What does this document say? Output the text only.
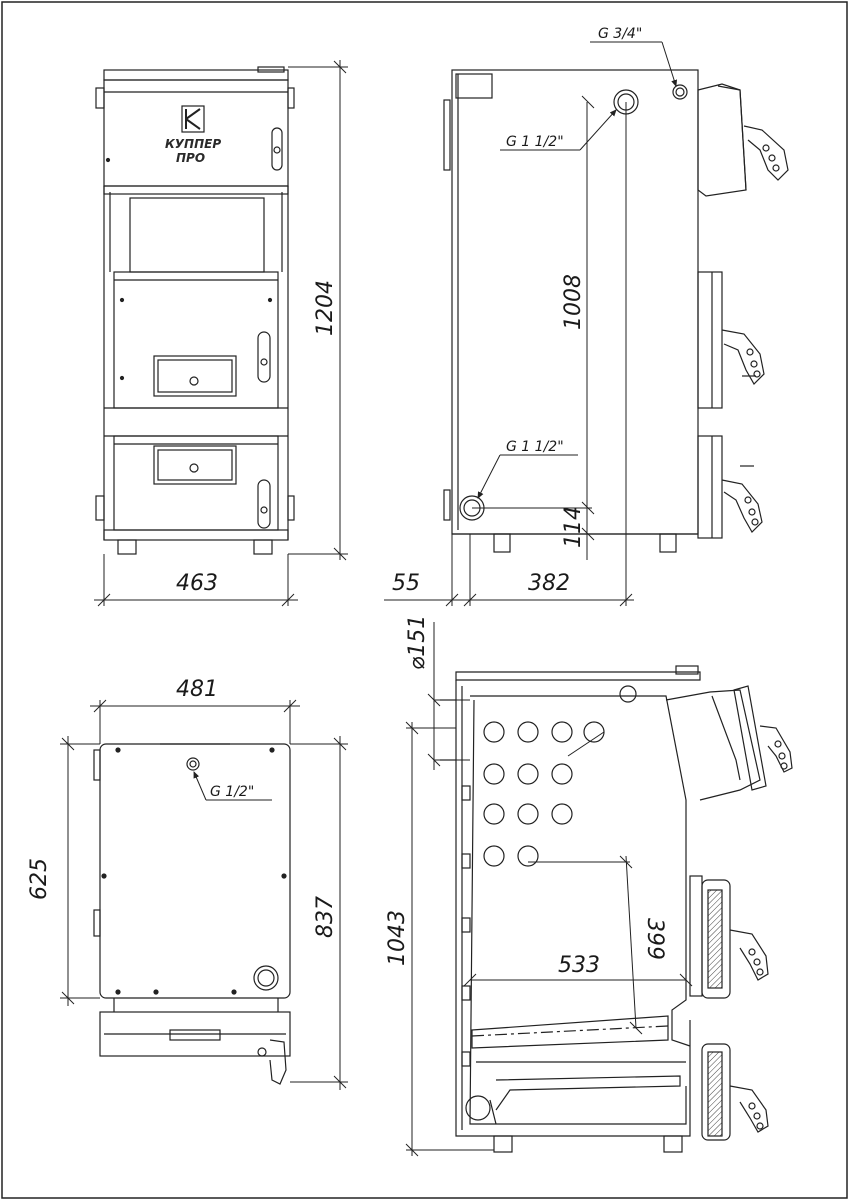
КУППЕР
ПРО
1204
463
G 3/4"
G 1 1/2"
G 1 1/2"
1008
114
55	382
481
625
837
G 1/2"
⌀151
1043	533
399
